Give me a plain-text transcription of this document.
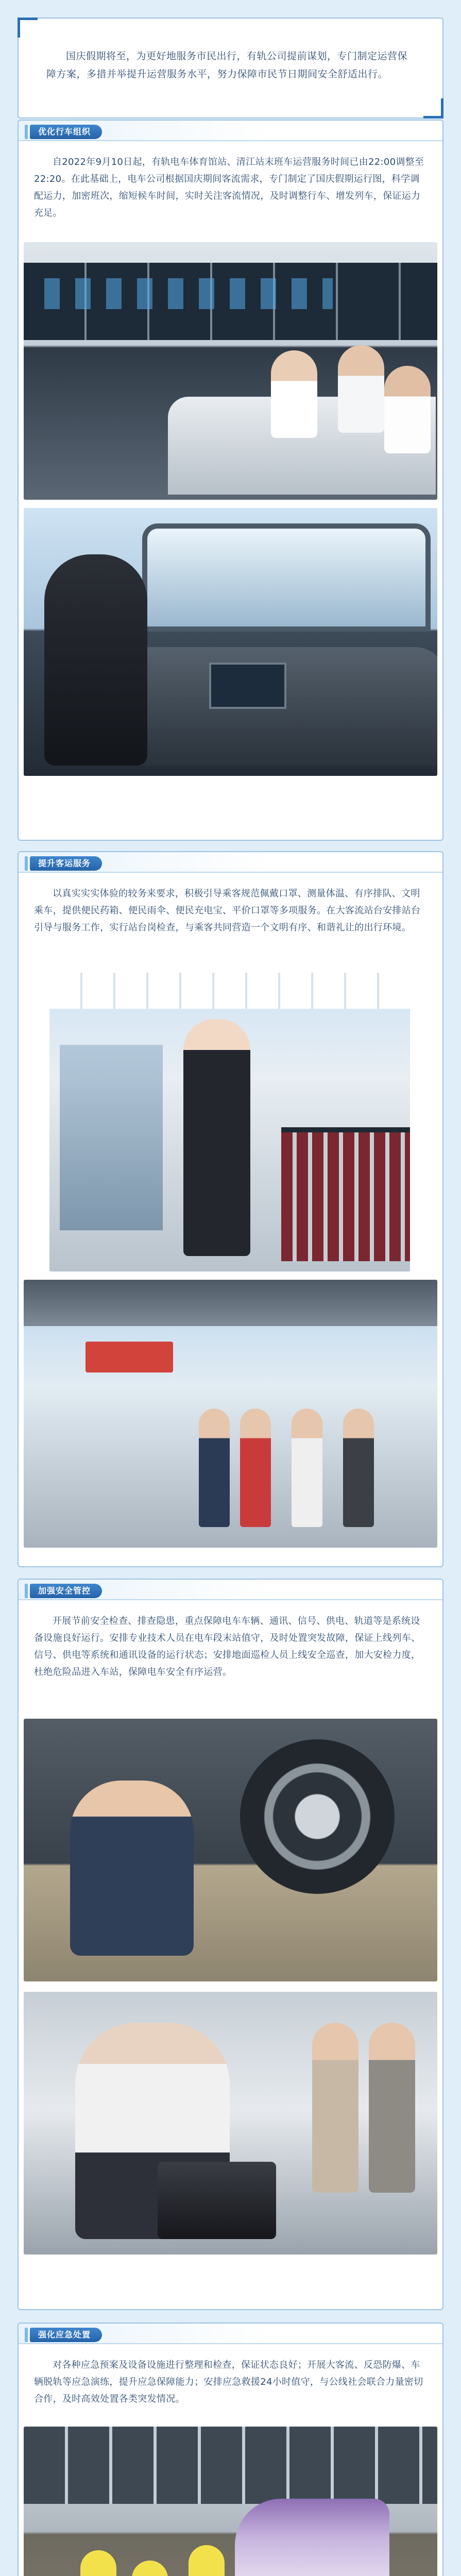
国庆假期将至，为更好地服务市民出行，有轨公司提前谋划，专门制定运营保障方案，多措并举提升运营服务水平，努力保障市民节日期间安全舒适出行。

优化行车组织

自2022年9月10日起，有轨电车体育馆站、清江站末班车运营服务时间已由22:00调整至22:20。在此基础上，电车公司根据国庆期间客流需求，专门制定了国庆假期运行图，科学调配运力，加密班次，缩短候车时间，实时关注客流情况，及时调整行车、增发列车，保证运力充足。

提升客运服务

以真实实实体验的较务来要求，积极引导乘客规范佩戴口罩、测量体温、有序排队、文明乘车，提供便民药箱、便民雨伞、便民充电宝、平价口罩等多项服务。在大客流站台安排站台引导与服务工作，实行站台岗检查，与乘客共同营造一个文明有序、和谐礼让的出行环境。

加强安全管控

开展节前安全检查、排查隐患，重点保障电车车辆、通讯、信号、供电、轨道等是系统设备设施良好运行。安排专业技术人员在电车段末站值守，及时处置突发故障，保证上线列车、信号、供电等系统和通讯设备的运行状态；安排地面巡检人员上线安全巡查，加大安检力度，杜绝危险品进入车站，保障电车安全有序运营。

强化应急处置

对各种应急预案及设备设施进行整理和检查，保证状态良好；开展大客流、反恐防爆、车辆脱轨等应急演练，提升应急保障能力；安排应急救援24小时值守，与公线社会联合力量密切合作，及时高效处置各类突发情况。
